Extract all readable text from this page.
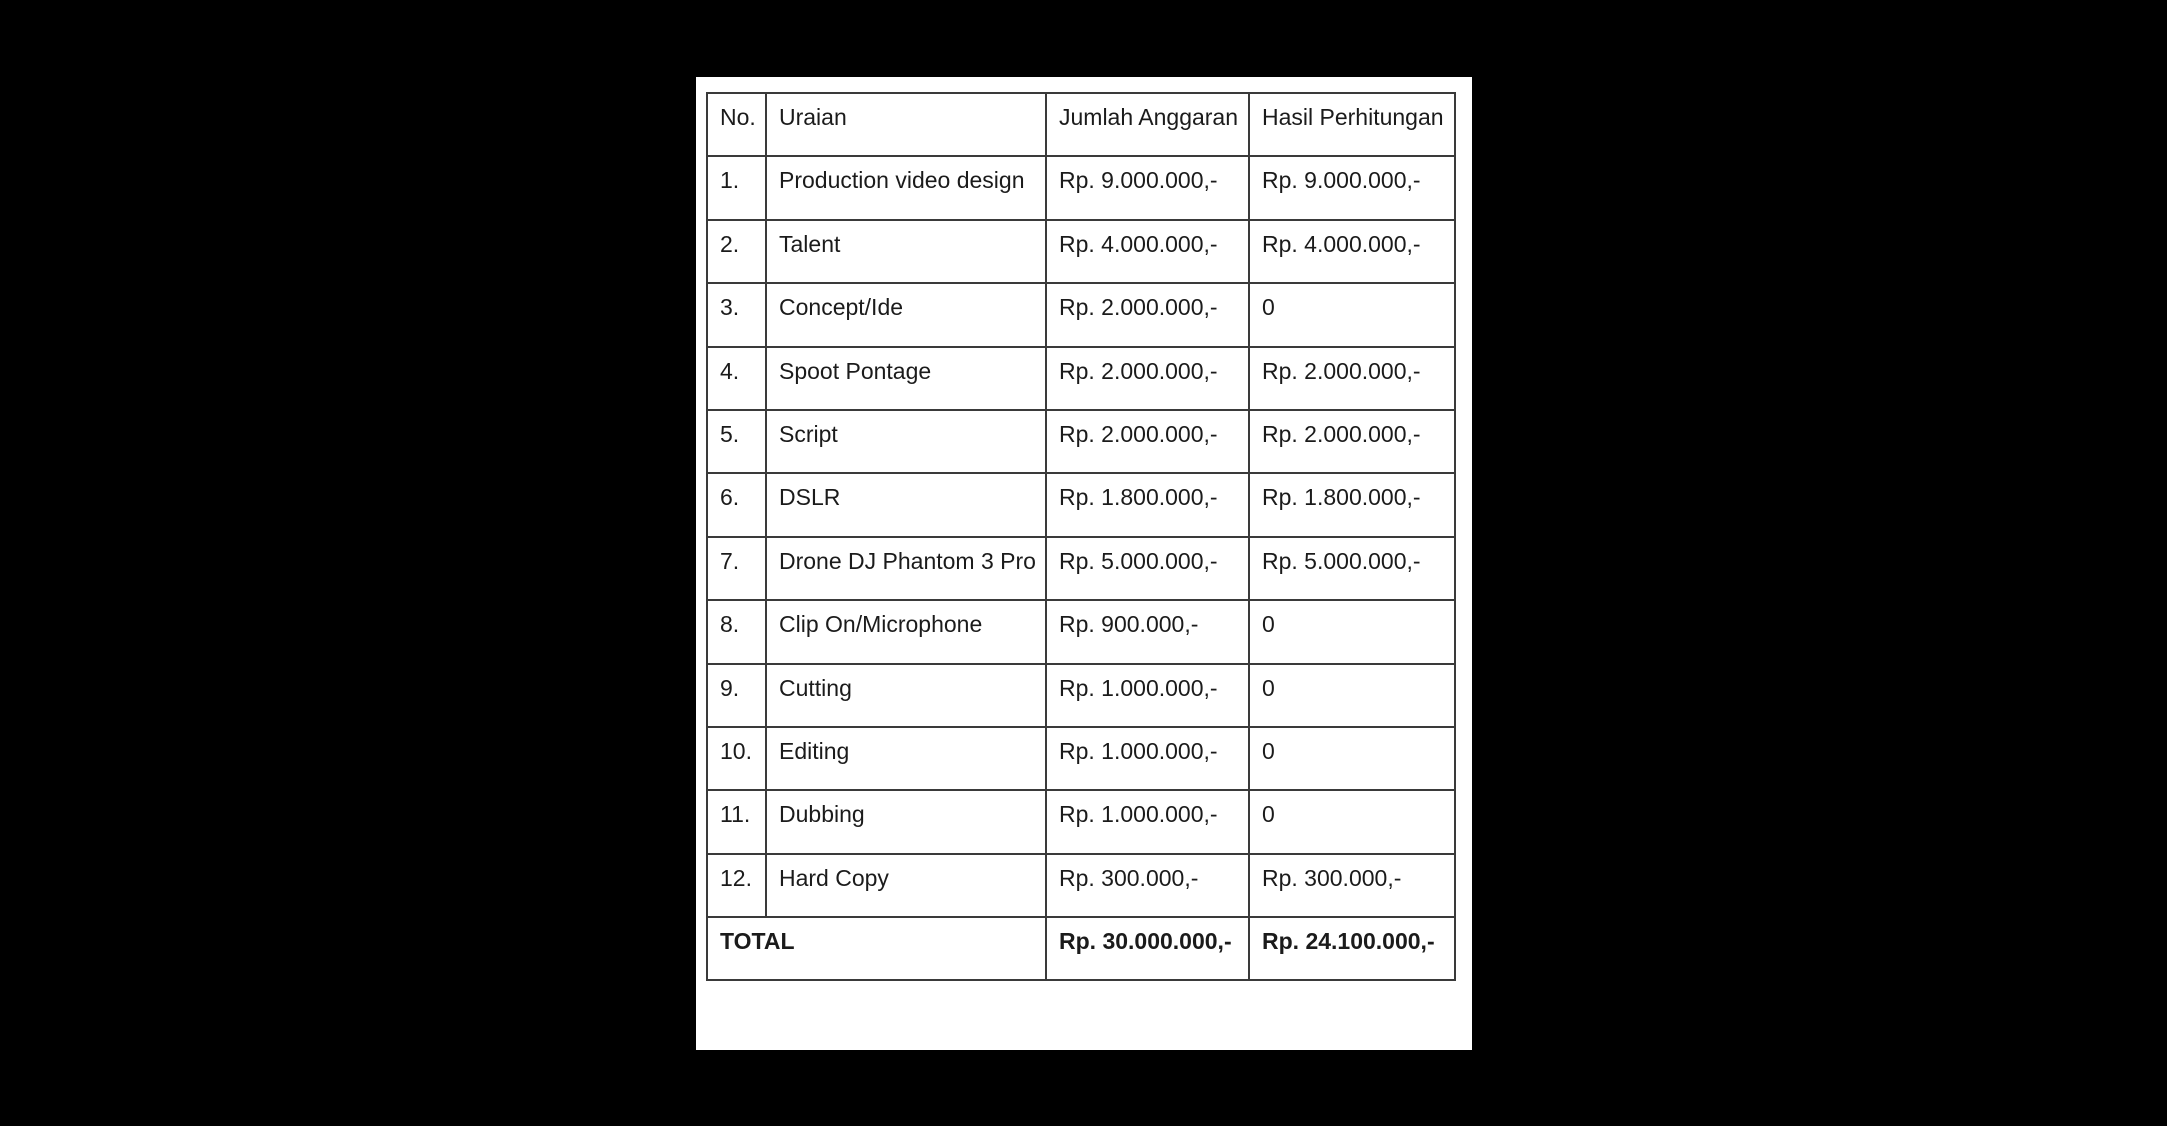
No.	Uraian	Jumlah Anggaran	Hasil Perhitungan
1.	Production video design	Rp. 9.000.000,-	Rp. 9.000.000,-
2.	Talent	Rp. 4.000.000,-	Rp. 4.000.000,-
3.	Concept/Ide	Rp. 2.000.000,-	0
4.	Spoot Pontage	Rp. 2.000.000,-	Rp. 2.000.000,-
5.	Script	Rp. 2.000.000,-	Rp. 2.000.000,-
6.	DSLR	Rp. 1.800.000,-	Rp. 1.800.000,-
7.	Drone DJ Phantom 3 Pro	Rp. 5.000.000,-	Rp. 5.000.000,-
8.	Clip On/Microphone	Rp. 900.000,-	0
9.	Cutting	Rp. 1.000.000,-	0
10.	Editing	Rp. 1.000.000,-	0
11.	Dubbing	Rp. 1.000.000,-	0
12.	Hard Copy	Rp. 300.000,-	Rp. 300.000,-
TOTAL		Rp. 30.000.000,-	Rp. 24.100.000,-
